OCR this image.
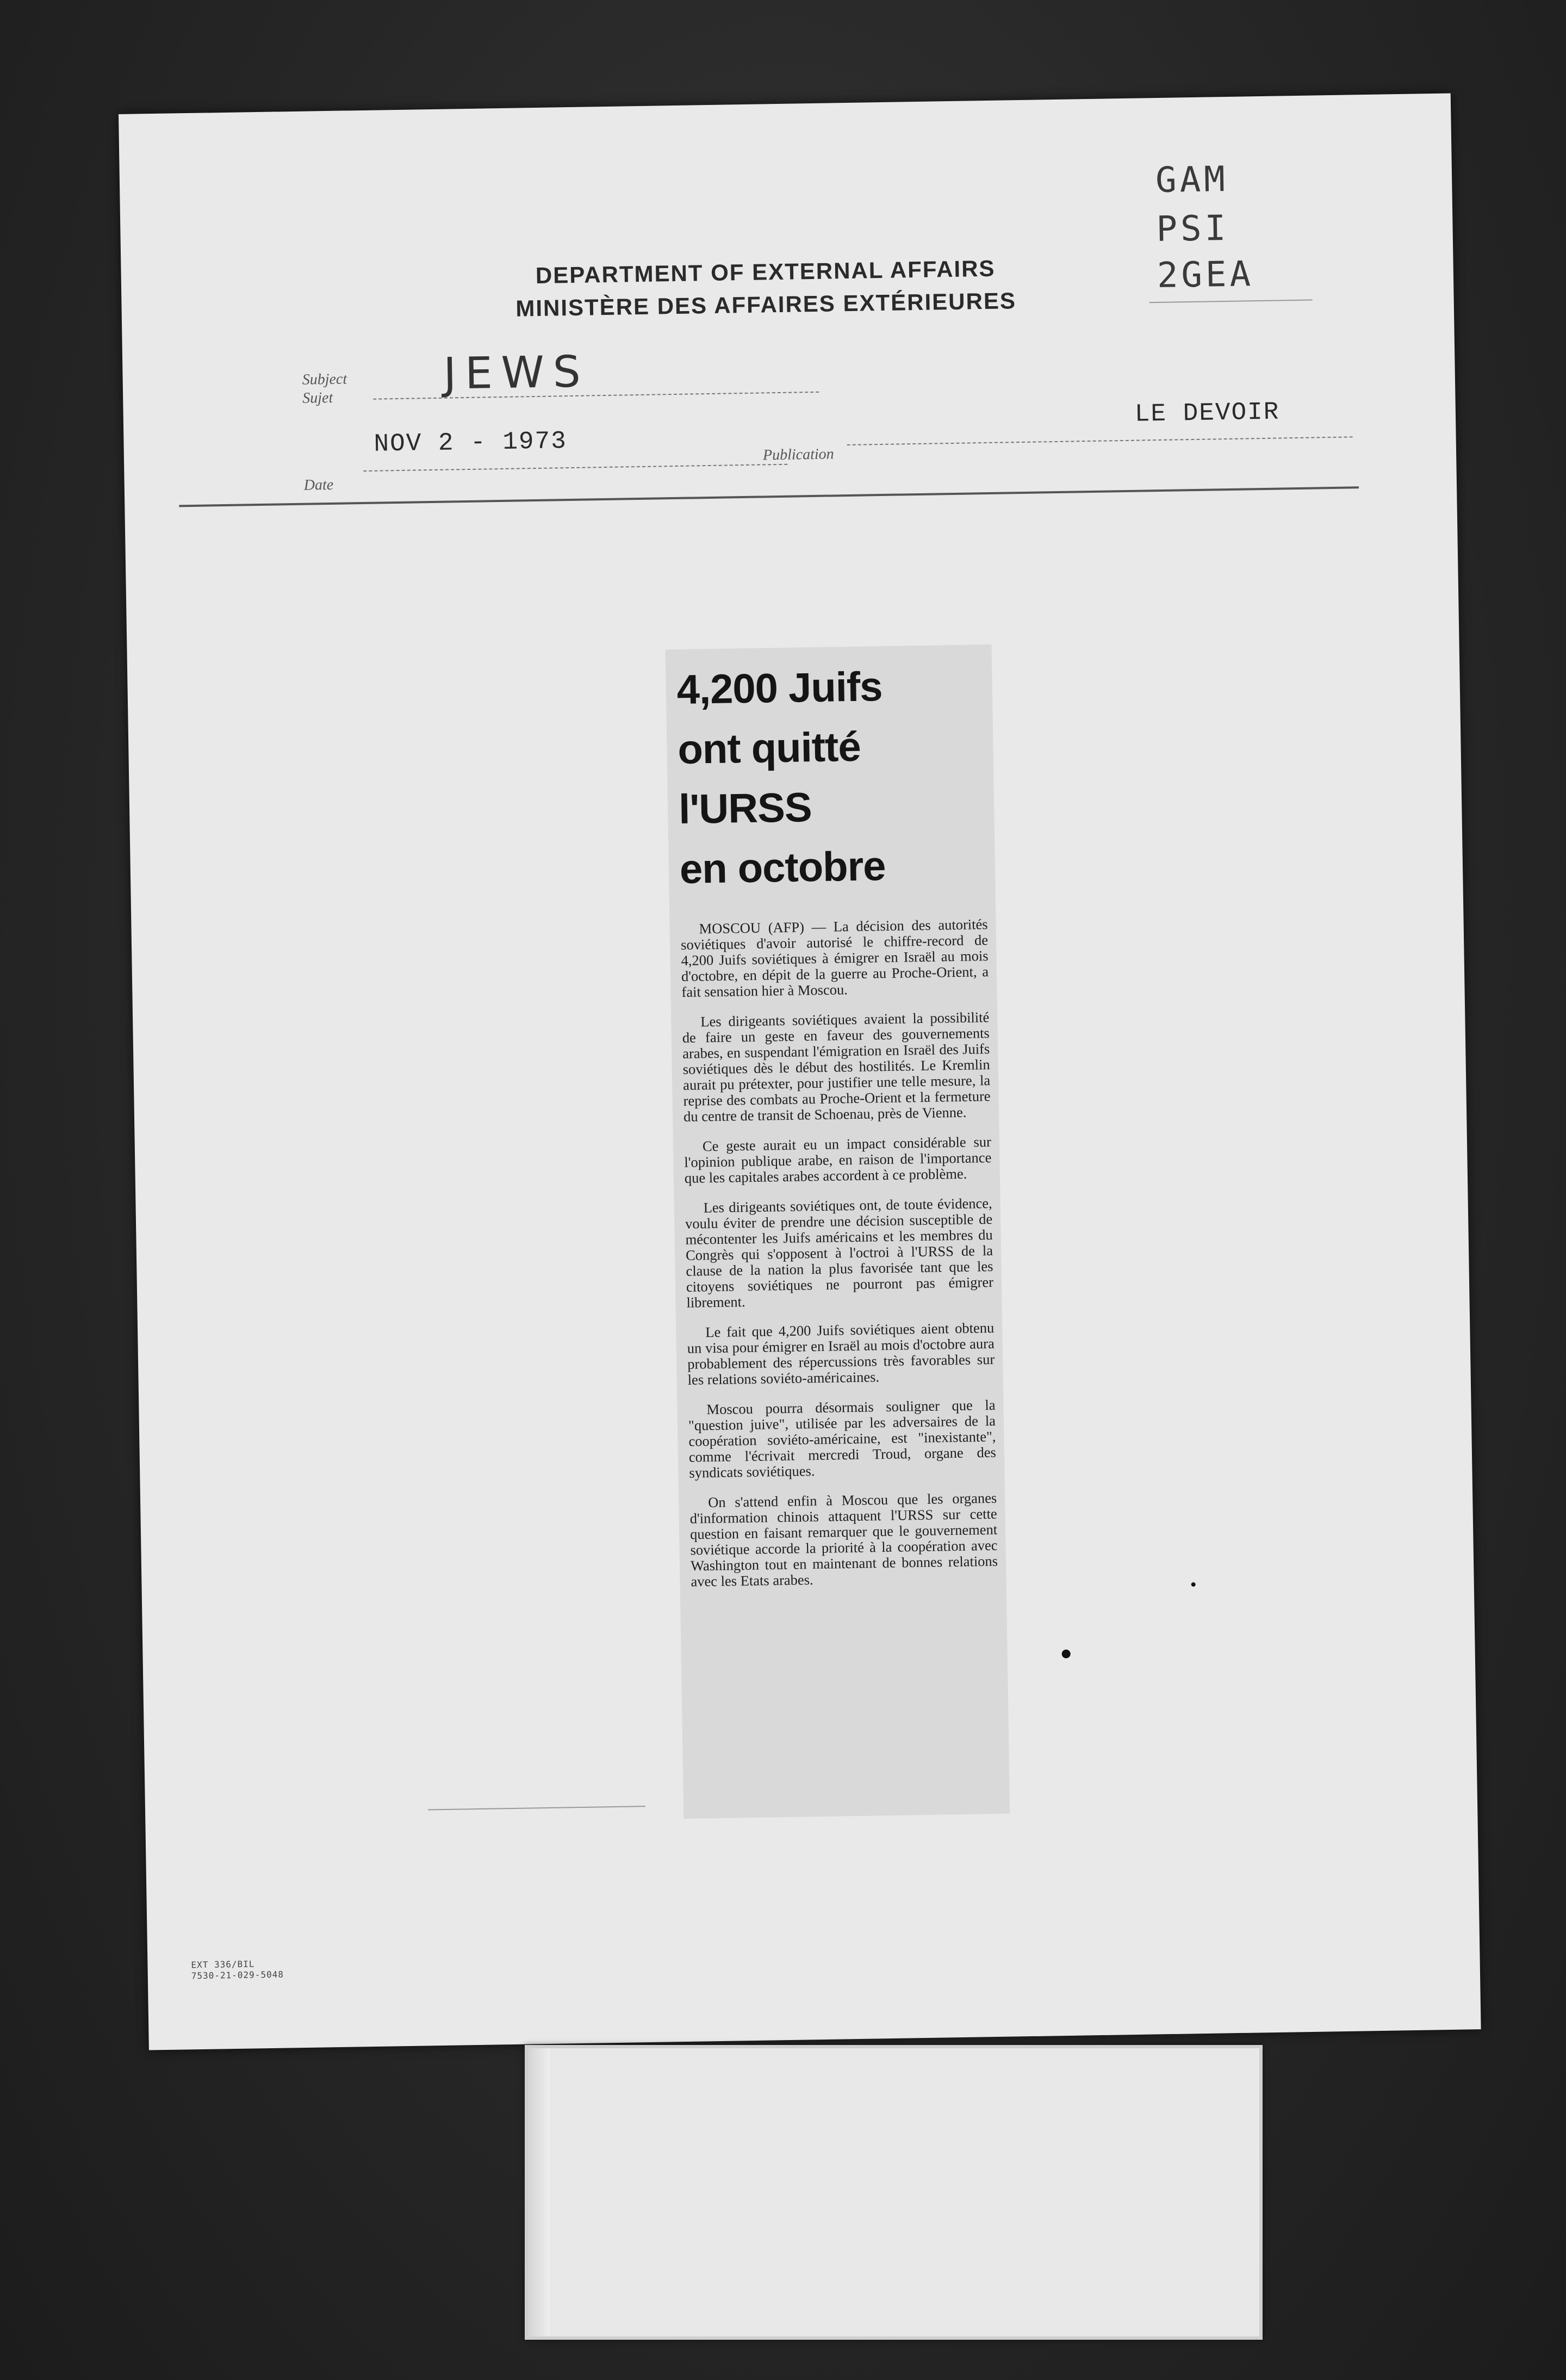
GAM
PSI
2GEA
DEPARTMENT OF EXTERNAL AFFAIRS
MINISTÈRE DES AFFAIRES EXTÉRIEURES
Subject
Sujet	JEWS
NOV 2 - 1973
LE DEVOIR
Date
Publication
4,200 Juifs
ont quitté
l'URSS
en octobre

MOSCOU (AFP) — La décision des autorités soviétiques d'avoir autorisé le chiffre-record de 4,200 Juifs soviétiques à émigrer en Israël au mois d'octobre, en dépit de la guerre au Proche-Orient, a fait sensation hier à Moscou.

Les dirigeants soviétiques avaient la possibilité de faire un geste en faveur des gouvernements arabes, en suspendant l'émigration en Israël des Juifs soviétiques dès le début des hostilités. Le Kremlin aurait pu prétexter, pour justifier une telle mesure, la reprise des combats au Proche-Orient et la fermeture du centre de transit de Schoenau, près de Vienne.

Ce geste aurait eu un impact considérable sur l'opinion publique arabe, en raison de l'importance que les capitales arabes accordent à ce problème.

Les dirigeants soviétiques ont, de toute évidence, voulu éviter de prendre une décision susceptible de mécontenter les Juifs américains et les membres du Congrès qui s'opposent à l'octroi à l'URSS de la clause de la nation la plus favorisée tant que les citoyens soviétiques ne pourront pas émigrer librement.

Le fait que 4,200 Juifs soviétiques aient obtenu un visa pour émigrer en Israël au mois d'octobre aura probablement des répercussions très favorables sur les relations soviéto-américaines.

Moscou pourra désormais souligner que la "question juive", utilisée par les adversaires de la coopération soviéto-américaine, est "inexistante", comme l'écrivait mercredi Troud, organe des syndicats soviétiques.

On s'attend enfin à Moscou que les organes d'information chinois attaquent l'URSS sur cette question en faisant remarquer que le gouvernement soviétique accorde la priorité à la coopération avec Washington tout en maintenant de bonnes relations avec les Etats arabes.

EXT 336/BIL
7530-21-029-5048
